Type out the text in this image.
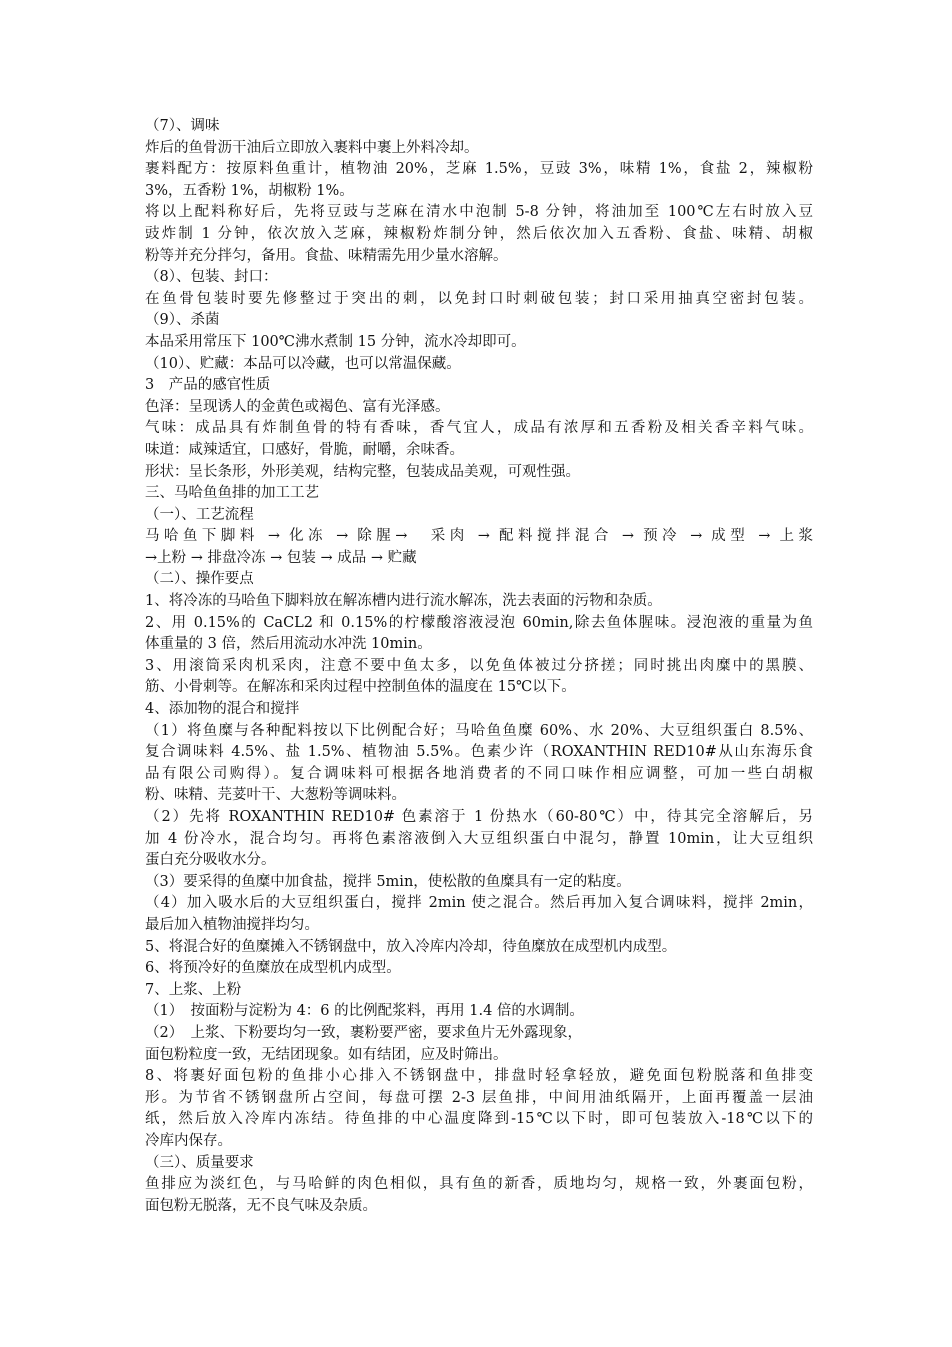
（7）、调味
炸后的鱼骨沥干油后立即放入裹料中裹上外料冷却。
裹料配方：按原料鱼重计，植物油 20%，芝麻 1.5%，豆豉 3%，味精 1%，食盐 2，辣椒粉
3%，五香粉 1%，胡椒粉 1%。
将以上配料称好后，先将豆豉与芝麻在清水中泡制 5-8 分钟，将油加至 100℃左右时放入豆
豉炸制 1 分钟，依次放入芝麻，辣椒粉炸制分钟，然后依次加入五香粉、食盐、味精、胡椒
粉等并充分拌匀，备用。食盐、味精需先用少量水溶解。
（8）、包装、封口：
在鱼骨包装时要先修整过于突出的刺，以免封口时刺破包装；封口采用抽真空密封包装。
（9）、杀菌
本品采用常压下 100℃沸水煮制 15 分钟，流水冷却即可。
（10）、贮藏：本品可以冷藏，也可以常温保藏。
3　产品的感官性质
色泽：呈现诱人的金黄色或褐色、富有光泽感。
气味：成品具有炸制鱼骨的特有香味，香气宜人，成品有浓厚和五香粉及相关香辛料气味。
味道：咸辣适宜，口感好，骨脆，耐嚼，余味香。
形状：呈长条形，外形美观，结构完整，包装成品美观，可观性强。
三、马哈鱼鱼排的加工工艺
（一）、工艺流程
马哈鱼下脚料 → 化冻 → 除腥→　采肉 → 配料搅拌混合 → 预冷 → 成型 → 上浆
→上粉 → 排盘冷冻 → 包装 → 成品 → 贮藏
（二）、操作要点
1、将冷冻的马哈鱼下脚料放在解冻槽内进行流水解冻，洗去表面的污物和杂质。
2、用 0.15%的 CaCL2 和 0.15%的柠檬酸溶液浸泡 60min,除去鱼体腥味。浸泡液的重量为鱼
体重量的 3 倍，然后用流动水冲洗 10min。
3、用滚筒采肉机采肉，注意不要中鱼太多，以免鱼体被过分挤搓；同时挑出肉糜中的黑膜、
筋、小骨刺等。在解冻和采肉过程中控制鱼体的温度在 15℃以下。
4、添加物的混合和搅拌
（1）将鱼糜与各种配料按以下比例配合好；马哈鱼鱼糜 60%、水 20%、大豆组织蛋白 8.5%、
复合调味料 4.5%、盐 1.5%、植物油 5.5%。色素少许（ROXANTHIN RED10#从山东海乐食
品有限公司购得）。复合调味料可根据各地消费者的不同口味作相应调整，可加一些白胡椒
粉、味精、芫荽叶干、大葱粉等调味料。
（2）先将 ROXANTHIN RED10# 色素溶于 1 份热水（60-80℃）中，待其完全溶解后，另
加 4 份冷水，混合均匀。再将色素溶液倒入大豆组织蛋白中混匀，静置 10min，让大豆组织
蛋白充分吸收水分。
（3）要采得的鱼糜中加食盐，搅拌 5min，使松散的鱼糜具有一定的粘度。
（4）加入吸水后的大豆组织蛋白，搅拌 2min 使之混合。然后再加入复合调味料，搅拌 2min，
最后加入植物油搅拌均匀。
5、将混合好的鱼糜摊入不锈钢盘中，放入冷库内冷却，待鱼糜放在成型机内成型。
6、将预冷好的鱼糜放在成型机内成型。
7、上浆、上粉
（1）　按面粉与淀粉为 4：6 的比例配浆料，再用 1.4 倍的水调制。
（2）　上浆、下粉要均匀一致，裹粉要严密，要求鱼片无外露现象，
面包粉粒度一致，无结团现象。如有结团，应及时筛出。
8、将裹好面包粉的鱼排小心排入不锈钢盘中，排盘时轻拿轻放，避免面包粉脱落和鱼排变
形。为节省不锈钢盘所占空间，每盘可摆 2-3 层鱼排，中间用油纸隔开，上面再覆盖一层油
纸，然后放入冷库内冻结。待鱼排的中心温度降到-15℃以下时，即可包装放入-18℃以下的
冷库内保存。
（三）、质量要求
鱼排应为淡红色，与马哈鲜的肉色相似，具有鱼的新香，质地均匀，规格一致，外裹面包粉，
面包粉无脱落，无不良气味及杂质。
